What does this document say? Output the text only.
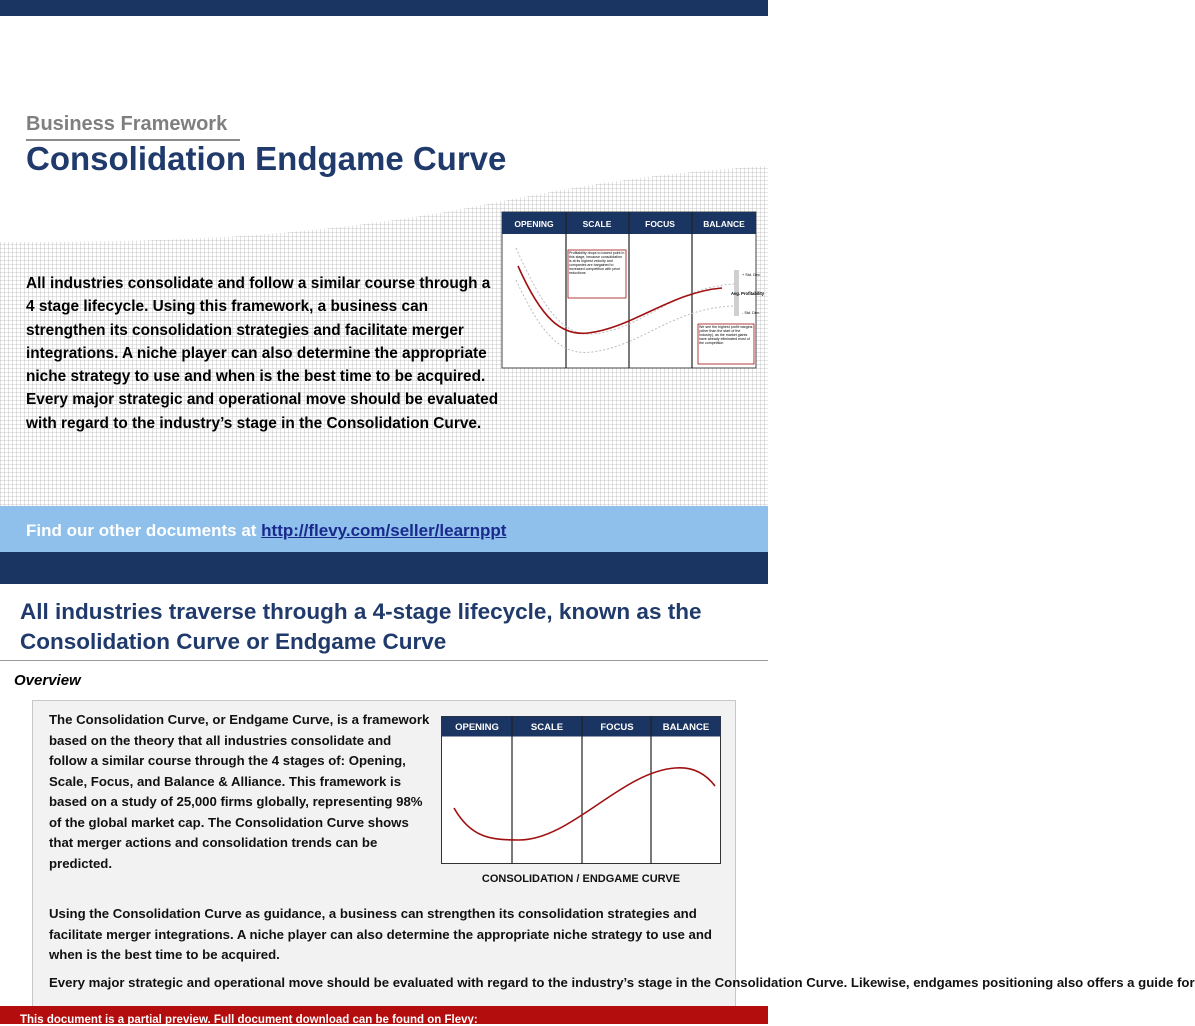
Business Framework
Consolidation Endgame Curve
All industries consolidate and follow a similar course through a 4 stage lifecycle. Using this framework, a business can strengthen its consolidation strategies and facilitate merger integrations. A niche player can also determine the appropriate niche strategy to use and when is the best time to be acquired. Every major strategic and operational move should be evaluated with regard to the industry’s stage in the Consolidation Curve.
OPENING	SCALE	FOCUS	BALANCE
Profitability drops to lowest point in this stage, because consolidation is at its highest velocity and companies are bargained to increased competition with price reductions
We see the highest profit margins (other than the start of the Industry), as the market giants have already eliminated most of the competition
+ Std. Dev.
Avg. Profitability
- Std. Dev.
Find our other documents at http://flevy.com/seller/learnppt
All industries traverse through a 4-stage lifecycle, known as the Consolidation Curve or Endgame Curve
Overview
The Consolidation Curve, or Endgame Curve, is a framework based on the theory that all industries consolidate and follow a similar course through the 4 stages of: Opening, Scale, Focus, and Balance & Alliance. This framework is based on a study of 25,000 firms globally, representing 98% of the global market cap. The Consolidation Curve shows that merger actions and consolidation trends can be predicted.
OPENING	SCALE	FOCUS	BALANCE
CONSOLIDATION / ENDGAME CURVE
Using the Consolidation Curve as guidance, a business can strengthen its consolidation strategies and facilitate merger integrations. A niche player can also determine the appropriate niche strategy to use and when is the best time to be acquired.
Every major strategic and operational move should be evaluated with regard to the industry’s stage in the Consolidation Curve. Likewise, endgames positioning also offers a guide for
This document is a partial preview. Full document download can be found on Flevy:
